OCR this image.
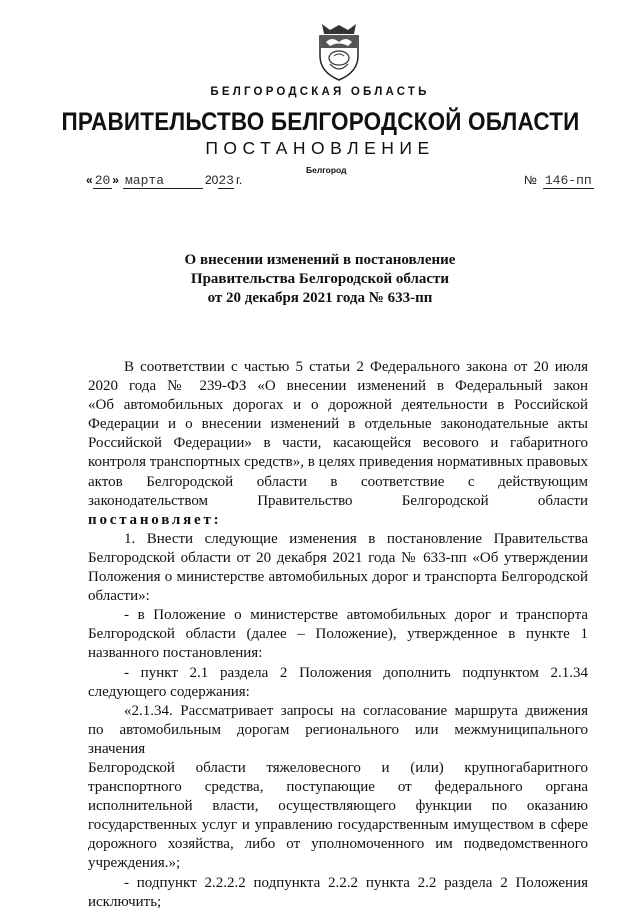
БЕЛГОРОДСКАЯ ОБЛАСТЬ
ПРАВИТЕЛЬСТВО БЕЛГОРОДСКОЙ ОБЛАСТИ
ПОСТАНОВЛЕНИЕ
Белгород
« 20 » марта	20 23 г.	№ 146-пп
О внесении изменений в постановление
Правительства Белгородской области
от 20 декабря 2021 года № 633-пп
В соответствии с частью 5 статьи 2 Федерального закона от 20 июля
2020 года № 239-ФЗ «О внесении изменений в Федеральный закон
«Об автомобильных дорогах и о дорожной деятельности в Российской
Федерации и о внесении изменений в отдельные законодательные акты
Российской Федерации» в части, касающейся весового и габаритного
контроля транспортных средств», в целях приведения нормативных правовых
актов Белгородской области в соответствие с действующим
законодательством Правительство Белгородской области
постановляет:
1. Внести следующие изменения в постановление Правительства
Белгородской области от 20 декабря 2021 года № 633-пп «Об утверждении
Положения о министерстве автомобильных дорог и транспорта Белгородской
области»:
- в Положение о министерстве автомобильных дорог и транспорта
Белгородской области (далее – Положение), утвержденное в пункте 1
названного постановления:
- пункт 2.1 раздела 2 Положения дополнить подпунктом 2.1.34
следующего содержания:
«2.1.34. Рассматривает запросы на согласование маршрута движения
по автомобильным дорогам регионального или межмуниципального значения
Белгородской области тяжеловесного и (или) крупногабаритного
транспортного средства, поступающие от федерального органа
исполнительной власти, осуществляющего функции по оказанию
государственных услуг и управлению государственным имуществом в сфере
дорожного хозяйства, либо от уполномоченного им подведомственного
учреждения.»;
- подпункт 2.2.2.2 подпункта 2.2.2 пункта 2.2 раздела 2 Положения
исключить;
